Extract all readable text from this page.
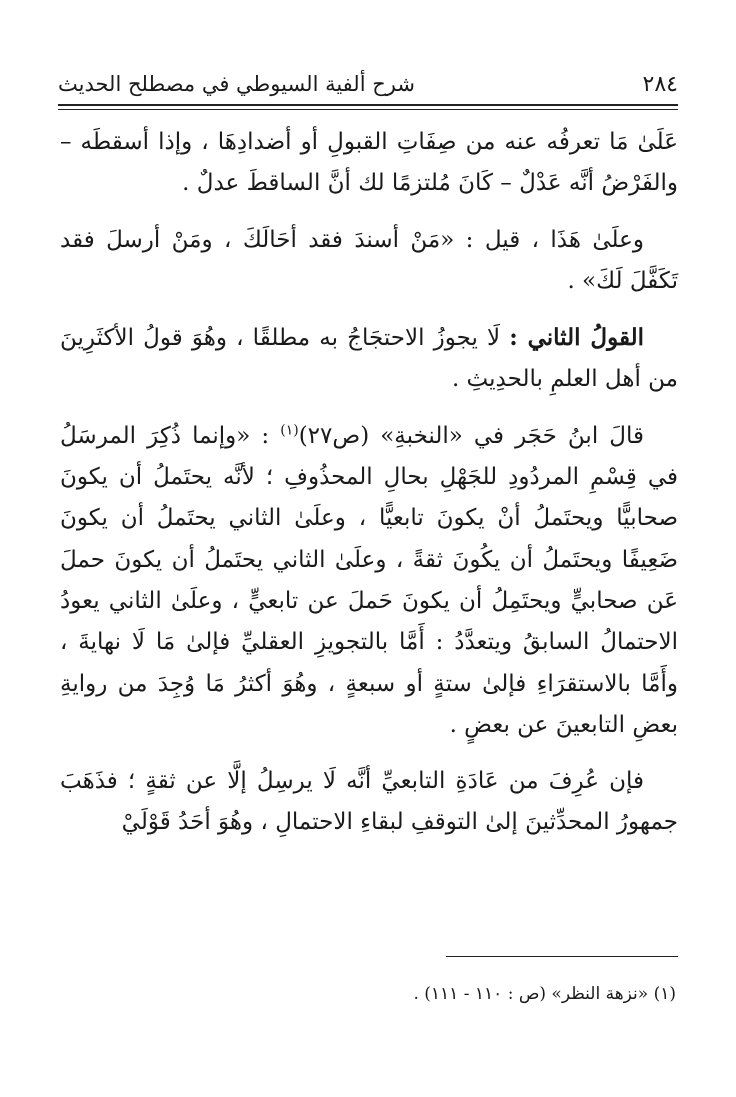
٢٨٤
شرح ألفية السيوطي في مصطلح الحديث

عَلَىٰ مَا تعرفُه عنه من صِفَاتِ القبولِ أو أضدادِهَا ، وإذا أسقطَه – والفَرْضُ أنَّه عَدْلٌ – كَانَ مُلتزمًا لك أنَّ الساقطَ عدلٌ .

وعلَىٰ هَذَا ، قيل : «مَنْ أسندَ فقد أحَالَكَ ، ومَنْ أرسلَ فقد تَكَفَّلَ لَكَ» .

القولُ الثاني : لَا يجوزُ الاحتجَاجُ به مطلقًا ، وهُوَ قولُ الأكثَرِينَ من أهل العلمِ بالحدِيثِ .

قالَ ابنُ حَجَر في «النخبةِ» (ص٢٧)$^{(١)}$ : «وإنما ذُكِرَ المرسَلُ في قِسْمِ المردُودِ للجَهْلِ بحالِ المحذُوفِ ؛ لأنَّه يحتَملُ أن يكونَ صحابيًّا ويحتَملُ أنْ يكونَ تابعيًّا ، وعلَىٰ الثاني يحتَملُ أن يكونَ ضَعِيفًا ويحتَملُ أن يكُونَ ثقةً ، وعلَىٰ الثاني يحتَملُ أن يكونَ حملَ عَن صحابيٍّ ويحتَمِلُ أن يكونَ حَملَ عن تابعيٍّ ، وعلَىٰ الثاني يعودُ الاحتمالُ السابقُ ويتعدَّدُ : أَمَّا بالتجويزِ العقليِّ فإلىٰ مَا لَا نهايةَ ، وأَمَّا بالاستقرَاءِ فإلىٰ ستةٍ أو سبعةٍ ، وهُوَ أكثرُ مَا وُجِدَ من روايةِ بعضِ التابعينَ عن بعضٍ .

فإن عُرِفَ من عَادَةِ التابعيِّ أنَّه لَا يرسِلُ إلَّا عن ثقةٍ ؛ فذَهَبَ جمهورُ المحدِّثينَ إلىٰ التوقفِ لبقاءِ الاحتمالِ ، وهُوَ أحَدُ قَوْلَيْ

(١) «نزهة النظر» (ص : ١١٠ - ١١١) .
